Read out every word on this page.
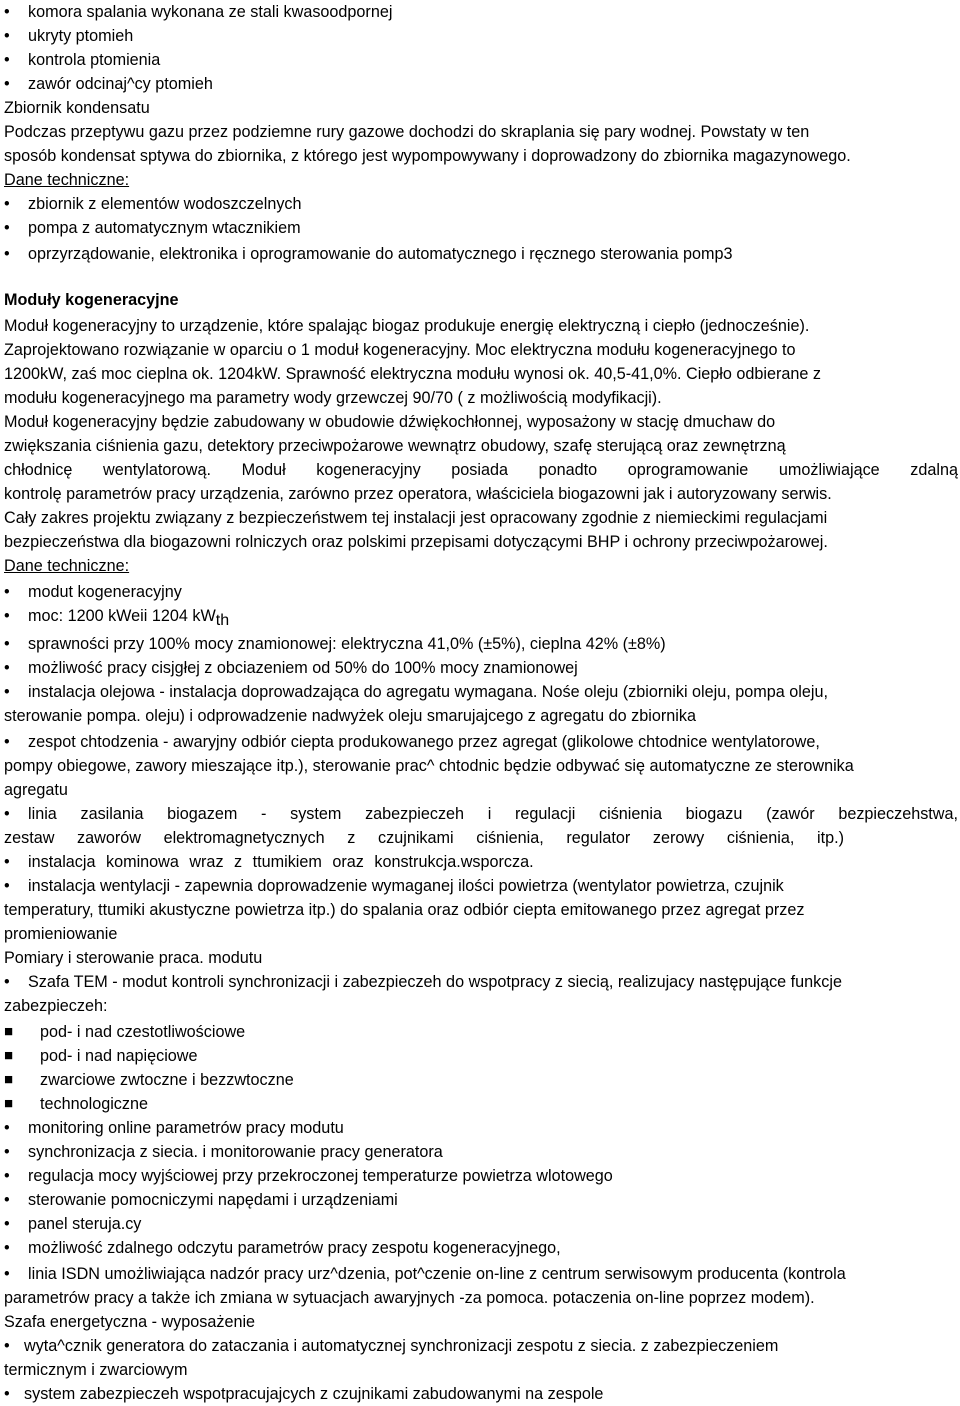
•	komora spalania wykonana ze stali kwasoodpornej
•	ukryty ptomieh
•	kontrola ptomienia
•	zawór odcinaj^cy ptomieh
Zbiornik kondensatu
Podczas przeptywu gazu przez podziemne rury gazowe dochodzi do skraplania się pary wodnej. Powstaty w ten
sposób kondensat sptywa do zbiornika, z którego jest wypompowywany i doprowadzony do zbiornika magazynowego.
Dane techniczne:
•	zbiornik z elementów wodoszczelnych
•	pompa z automatycznym wtacznikiem
•	oprzyrządowanie, elektronika i oprogramowanie do automatycznego i ręcznego sterowania pomp3
Moduły kogeneracyjne
Moduł kogeneracyjny to urządzenie, które spalając biogaz produkuje energię elektryczną i ciepło (jednocześnie).
Zaprojektowano rozwiązanie w oparciu o 1 moduł kogeneracyjny. Moc elektryczna modułu kogeneracyjnego to
1200kW, zaś moc cieplna ok. 1204kW. Sprawność elektryczna modułu wynosi ok. 40,5-41,0%. Ciepło odbierane z
modułu kogeneracyjnego ma parametry wody grzewczej 90/70 ( z możliwością modyfikacji).
Moduł kogeneracyjny będzie zabudowany w obudowie dźwiękochłonnej, wyposażony w stację dmuchaw do
zwiększania ciśnienia gazu, detektory przeciwpożarowe wewnątrz obudowy, szafę sterującą oraz zewnętrzną
chłodnicę wentylatorową. Moduł kogeneracyjny posiada ponadto oprogramowanie umożliwiające zdalną
kontrolę parametrów pracy urządzenia, zarówno przez operatora, właściciela biogazowni jak i autoryzowany serwis.
Cały zakres projektu związany z bezpieczeństwem tej instalacji jest opracowany zgodnie z niemieckimi regulacjami
bezpieczeństwa dla biogazowni rolniczych oraz polskimi przepisami dotyczącymi BHP i ochrony przeciwpożarowej.
Dane techniczne:
•	modut kogeneracyjny
•	moc: 1200 kWeii 1204 $kW_{th}$
•	sprawności przy 100% mocy znamionowej: elektryczna 41,0% (±5%), cieplna 42% (±8%)
•	możliwość pracy cisjgłej z obciazeniem od 50% do 100% mocy znamionowej
•	instalacja olejowa - instalacja doprowadzająca do agregatu wymagana. Nośe oleju (zbiorniki oleju, pompa oleju,
sterowanie pompa. oleju) i odprowadzenie nadwyżek oleju smarujajcego z agregatu do zbiornika
•	zespot chtodzenia - awaryjny odbiór ciepta produkowanego przez agregat (glikolowe chtodnice wentylatorowe,
pompy obiegowe, zawory mieszające itp.), sterowanie prac^ chtodnic będzie odbywać się automatyczne ze sterownika
agregatu
•	linia zasilania biogazem - system zabezpieczeh i regulacji ciśnienia biogazu (zawór bezpieczehstwa,
zestaw zaworów elektromagnetycznych z czujnikami ciśnienia, regulator zerowy ciśnienia, itp.)
•	instalacja kominowa wraz z ttumikiem oraz konstrukcja.wsporcza.
•	instalacja wentylacji - zapewnia doprowadzenie wymaganej ilości powietrza (wentylator powietrza, czujnik
temperatury, ttumiki akustyczne powietrza itp.) do spalania oraz odbiór ciepta emitowanego przez agregat przez
promieniowanie
Pomiary i sterowanie praca. modutu
•	Szafa TEM - modut kontroli synchronizacji i zabezpieczeh do wspotpracy z siecią, realizujacy następujące funkcje
zabezpieczeh:
■	pod- i nad czestotliwościowe
■	pod- i nad napięciowe
■	zwarciowe zwtoczne i bezzwtoczne
■	technologiczne
•	monitoring online parametrów pracy modutu
•	synchronizacja z siecia. i monitorowanie pracy generatora
•	regulacja mocy wyjściowej przy przekroczonej temperaturze powietrza wlotowego
•	sterowanie pomocniczymi napędami i urządzeniami
•	panel sterujа.cy
•	możliwość zdalnego odczytu parametrów pracy zespotu kogeneracyjnego,
•	linia ISDN umożliwiająca nadzór pracy urz^dzenia, pot^czenie on-line z centrum serwisowym producenta (kontrola
parametrów pracy a także ich zmiana w sytuacjach awaryjnych -za pomoca. potaczenia on-line poprzez modem).
Szafa energetyczna - wyposażenie
• wyta^cznik generatora do zataczania i automatycznej synchronizacji zespotu z siecia. z zabezpieczeniem
termicznym i zwarciowym
• system zabezpieczeh wspotpracujajcych z czujnikami zabudowanymi na zespole
